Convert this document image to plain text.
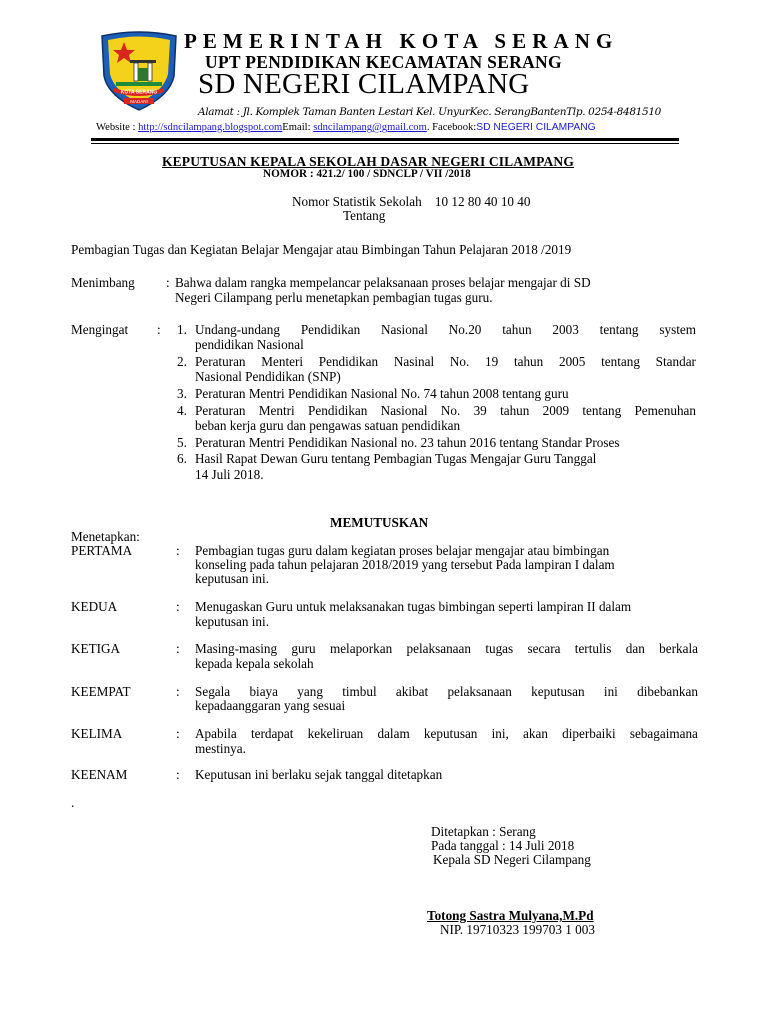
KOTA SERANG
MADANI
PEMERINTAH KOTA SERANG
UPT PENDIDIKAN KECAMATAN SERANG
SD NEGERI CILAMPANG
Alamat : Jl. Komplek Taman Banten Lestari Kel. UnyurKec. SerangBantenTlp. 0254-8481510
Website : http://sdncilampang.blogspot.comEmail: sdncilampang@gmail.com. Facebook:SD NEGERI CILAMPANG
KEPUTUSAN KEPALA SEKOLAH DASAR NEGERI CILAMPANG
NOMOR : 421.2/ 100 / SDNCLP / VII /2018
Nomor Statistik Sekolah 10 12 80 40 10 40
Tentang
Pembagian Tugas dan Kegiatan Belajar Mengajar atau Bimbingan Tahun Pelajaran 2018 /2019
Menimbang : Bahwa dalam rangka mempelancar pelaksanaan proses belajar mengajar di SD
Negeri Cilampang perlu menetapkan pembagian tugas guru.
Mengingat : 1. Undang-undang Pendidikan Nasional No.20 tahun 2003 tentang system
pendidikan Nasional
2. Peraturan Menteri Pendidikan Nasinal No. 19 tahun 2005 tentang Standar
Nasional Pendidikan (SNP)
3. Peraturan Mentri Pendidikan Nasional No. 74 tahun 2008 tentang guru
4. Peraturan Mentri Pendidikan Nasional No. 39 tahun 2009 tentang Pemenuhan
beban kerja guru dan pengawas satuan pendidikan
5. Peraturan Mentri Pendidikan Nasional no. 23 tahun 2016 tentang Standar Proses
6. Hasil Rapat Dewan Guru tentang Pembagian Tugas Mengajar Guru Tanggal
14 Juli 2018.
MEMUTUSKAN
Menetapkan:
PERTAMA	: Pembagian tugas guru dalam kegiatan proses belajar mengajar atau bimbingan
konseling pada tahun pelajaran 2018/2019 yang tersebut Pada lampiran I dalam
keputusan ini.
KEDUA	: Menugaskan Guru untuk melaksanakan tugas bimbingan seperti lampiran II dalam
keputusan ini.
KETIGA	: Masing-masing guru melaporkan pelaksanaan tugas secara tertulis dan berkala
kepada kepala sekolah
KEEMPAT	: Segala biaya yang timbul akibat pelaksanaan keputusan ini dibebankan
kepadaanggaran yang sesuai
KELIMA	: Apabila terdapat kekeliruan dalam keputusan ini, akan diperbaiki sebagaimana
mestinya.
KEENAM	: Keputusan ini berlaku sejak tanggal ditetapkan
.
Ditetapkan : Serang
Pada tanggal : 14 Juli 2018
Kepala SD Negeri Cilampang
Totong Sastra Mulyana,M.Pd
NIP. 19710323 199703 1 003
